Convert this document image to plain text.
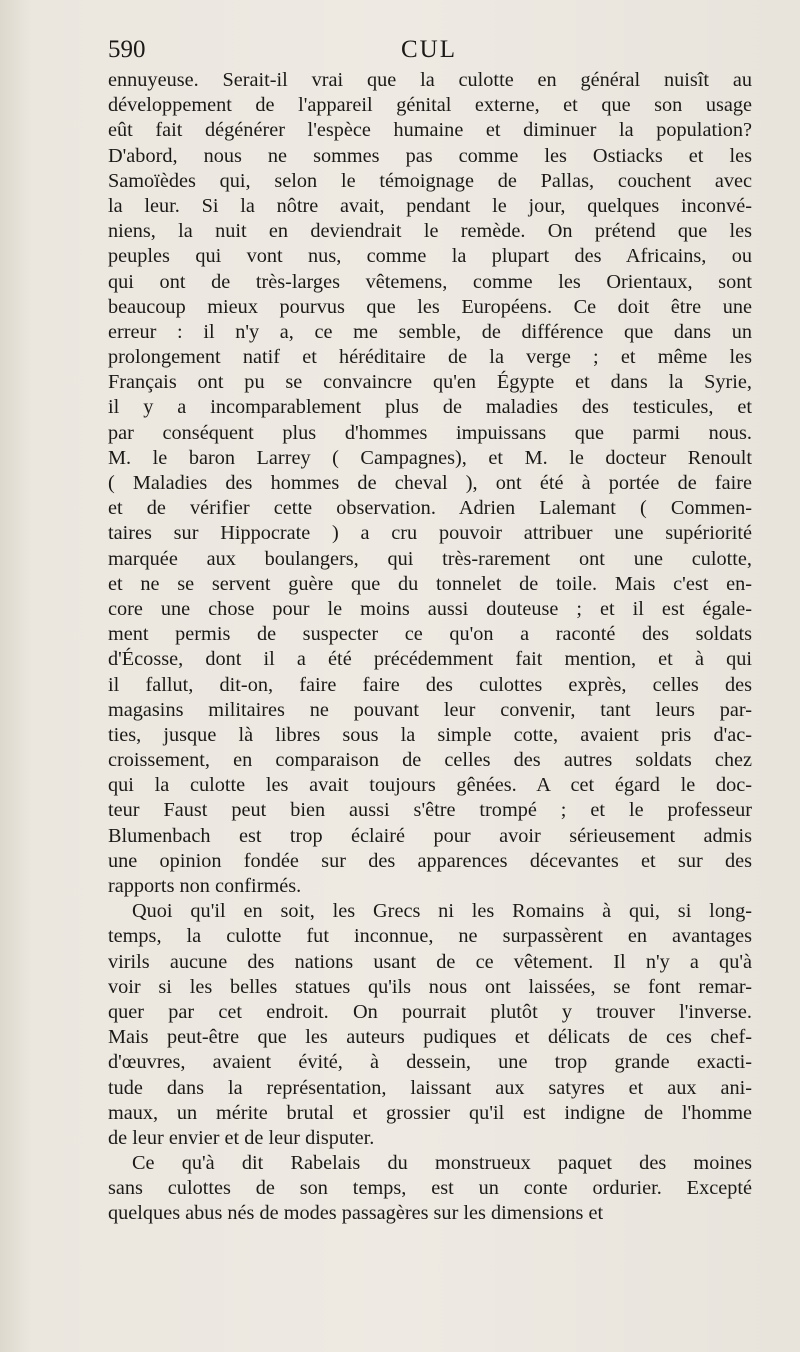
590	CUL
ennuyeuse. Serait-il vrai que la culotte en général nuisît au
développement de l'appareil génital externe, et que son usage
eût fait dégénérer l'espèce humaine et diminuer la population?
D'abord, nous ne sommes pas comme les Ostiacks et les
Samoïèdes qui, selon le témoignage de Pallas, couchent avec
la leur. Si la nôtre avait, pendant le jour, quelques inconvé-
niens, la nuit en deviendrait le remède. On prétend que les
peuples qui vont nus, comme la plupart des Africains, ou
qui ont de très-larges vêtemens, comme les Orientaux, sont
beaucoup mieux pourvus que les Européens. Ce doit être une
erreur : il n'y a, ce me semble, de différence que dans un
prolongement natif et héréditaire de la verge ; et même les
Français ont pu se convaincre qu'en Égypte et dans la Syrie,
il y a incomparablement plus de maladies des testicules, et
par conséquent plus d'hommes impuissans que parmi nous.
M. le baron Larrey ( Campagnes), et M. le docteur Renoult
( Maladies des hommes de cheval ), ont été à portée de faire
et de vérifier cette observation. Adrien Lalemant ( Commen-
taires sur Hippocrate ) a cru pouvoir attribuer une supériorité
marquée aux boulangers, qui très-rarement ont une culotte,
et ne se servent guère que du tonnelet de toile. Mais c'est en-
core une chose pour le moins aussi douteuse ; et il est égale-
ment permis de suspecter ce qu'on a raconté des soldats
d'Écosse, dont il a été précédemment fait mention, et à qui
il fallut, dit-on, faire faire des culottes exprès, celles des
magasins militaires ne pouvant leur convenir, tant leurs par-
ties, jusque là libres sous la simple cotte, avaient pris d'ac-
croissement, en comparaison de celles des autres soldats chez
qui la culotte les avait toujours gênées. A cet égard le doc-
teur Faust peut bien aussi s'être trompé ; et le professeur
Blumenbach est trop éclairé pour avoir sérieusement admis
une opinion fondée sur des apparences décevantes et sur des
rapports non confirmés.
Quoi qu'il en soit, les Grecs ni les Romains à qui, si long-
temps, la culotte fut inconnue, ne surpassèrent en avantages
virils aucune des nations usant de ce vêtement. Il n'y a qu'à
voir si les belles statues qu'ils nous ont laissées, se font remar-
quer par cet endroit. On pourrait plutôt y trouver l'inverse.
Mais peut-être que les auteurs pudiques et délicats de ces chef-
d'œuvres, avaient évité, à dessein, une trop grande exacti-
tude dans la représentation, laissant aux satyres et aux ani-
maux, un mérite brutal et grossier qu'il est indigne de l'homme
de leur envier et de leur disputer.
Ce qu'à dit Rabelais du monstrueux paquet des moines
sans culottes de son temps, est un conte ordurier. Excepté
quelques abus nés de modes passagères sur les dimensions et
